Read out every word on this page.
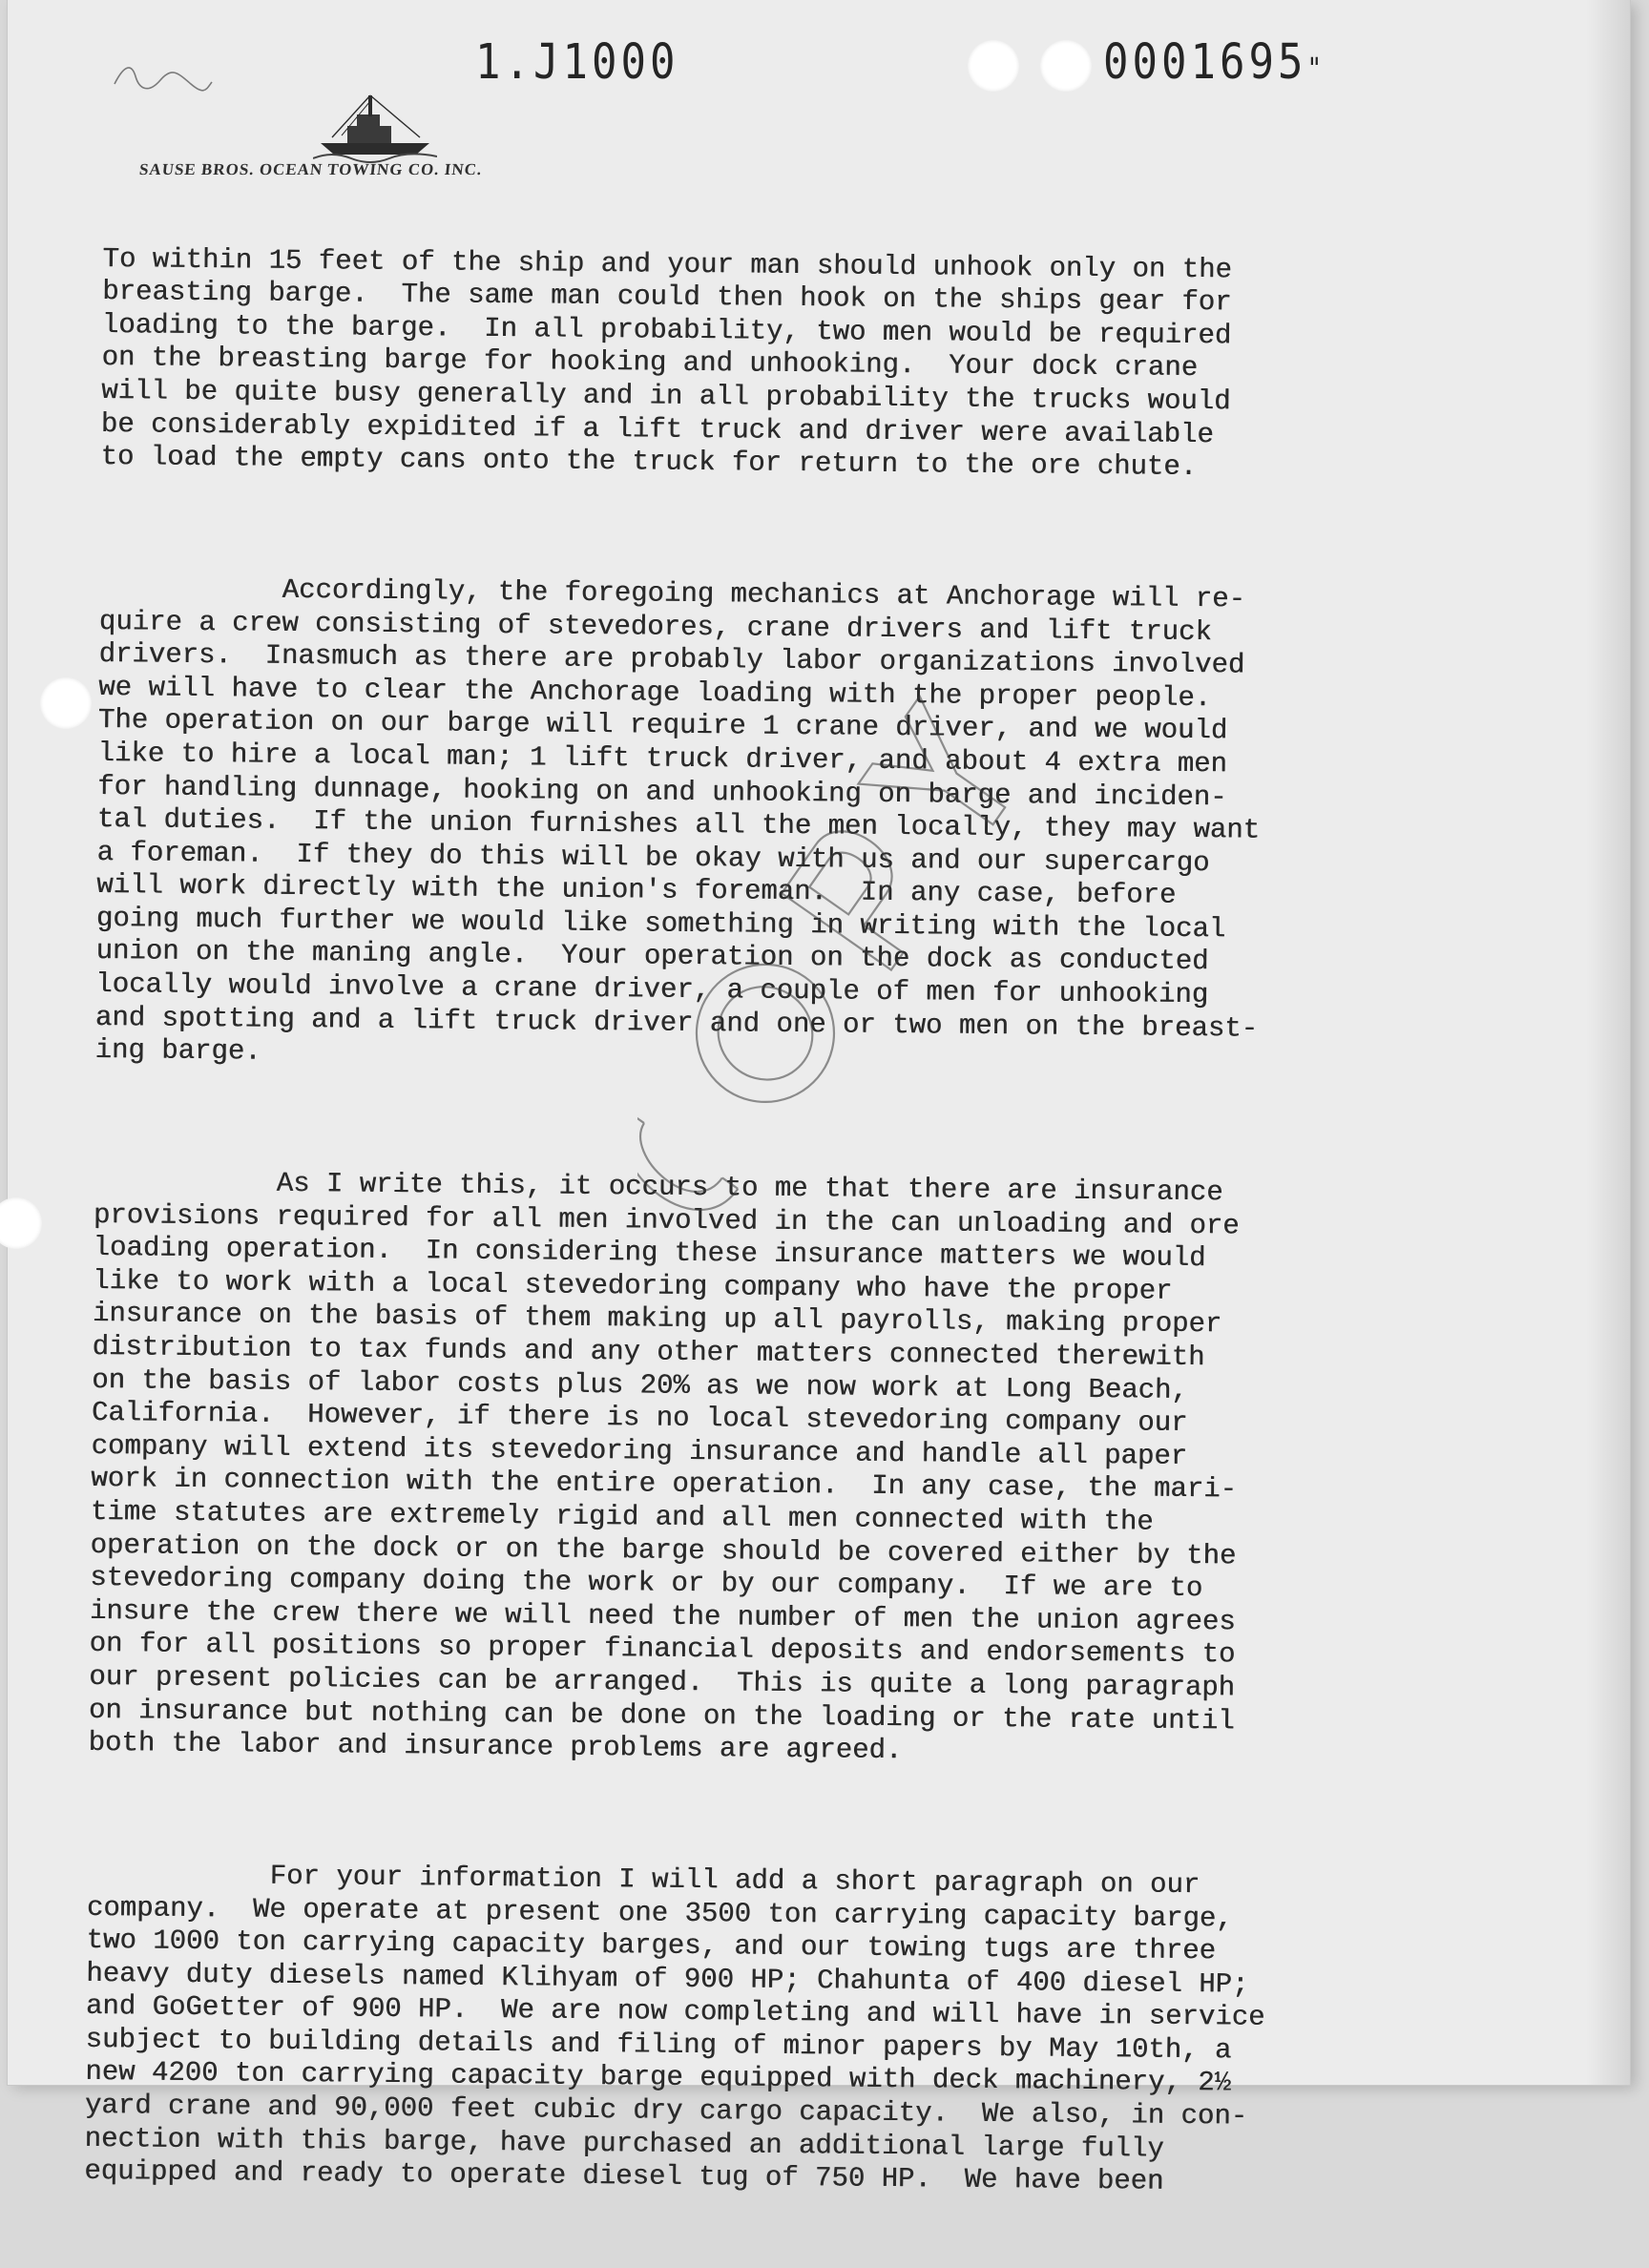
1.J1000	0001695"
SAUSE BROS. OCEAN TOWING CO. INC.

To within 15 feet of the ship and your man should unhook only on the
breasting barge.  The same man could then hook on the ships gear for
loading to the barge.  In all probability, two men would be required
on the breasting barge for hooking and unhooking.  Your dock crane
will be quite busy generally and in all probability the trucks would
be considerably expidited if a lift truck and driver were available
to load the empty cans onto the truck for return to the ore chute.

Accordingly, the foregoing mechanics at Anchorage will re-
quire a crew consisting of stevedores, crane drivers and lift truck
drivers.  Inasmuch as there are probably labor organizations involved
we will have to clear the Anchorage loading with the proper people.
The operation on our barge will require 1 crane driver, and we would
like to hire a local man; 1 lift truck driver, and about 4 extra men
for handling dunnage, hooking on and unhooking on barge and inciden-
tal duties.  If the union furnishes all the men locally, they may want
a foreman.  If they do this will be okay with us and our supercargo
will work directly with the union's foreman.  In any case, before
going much further we would like something in writing with the local
union on the maning angle.  Your operation on the dock as conducted
locally would involve a crane driver, a couple of men for unhooking
and spotting and a lift truck driver and one or two men on the breast-
ing barge.

As I write this, it occurs to me that there are insurance
provisions required for all men involved in the can unloading and ore
loading operation.  In considering these insurance matters we would
like to work with a local stevedoring company who have the proper
insurance on the basis of them making up all payrolls, making proper
distribution to tax funds and any other matters connected therewith
on the basis of labor costs plus 20% as we now work at Long Beach,
California.  However, if there is no local stevedoring company our
company will extend its stevedoring insurance and handle all paper
work in connection with the entire operation.  In any case, the mari-
time statutes are extremely rigid and all men connected with the
operation on the dock or on the barge should be covered either by the
stevedoring company doing the work or by our company.  If we are to
insure the crew there we will need the number of men the union agrees
on for all positions so proper financial deposits and endorsements to
our present policies can be arranged.  This is quite a long paragraph
on insurance but nothing can be done on the loading or the rate until
both the labor and insurance problems are agreed.

For your information I will add a short paragraph on our
company.  We operate at present one 3500 ton carrying capacity barge,
two 1000 ton carrying capacity barges, and our towing tugs are three
heavy duty diesels named Klihyam of 900 HP; Chahunta of 400 diesel HP;
and GoGetter of 900 HP.  We are now completing and will have in service
subject to building details and filing of minor papers by May 10th, a
new 4200 ton carrying capacity barge equipped with deck machinery, 2½
yard crane and 90,000 feet cubic dry cargo capacity.  We also, in con-
nection with this barge, have purchased an additional large fully
equipped and ready to operate diesel tug of 750 HP.  We have been
